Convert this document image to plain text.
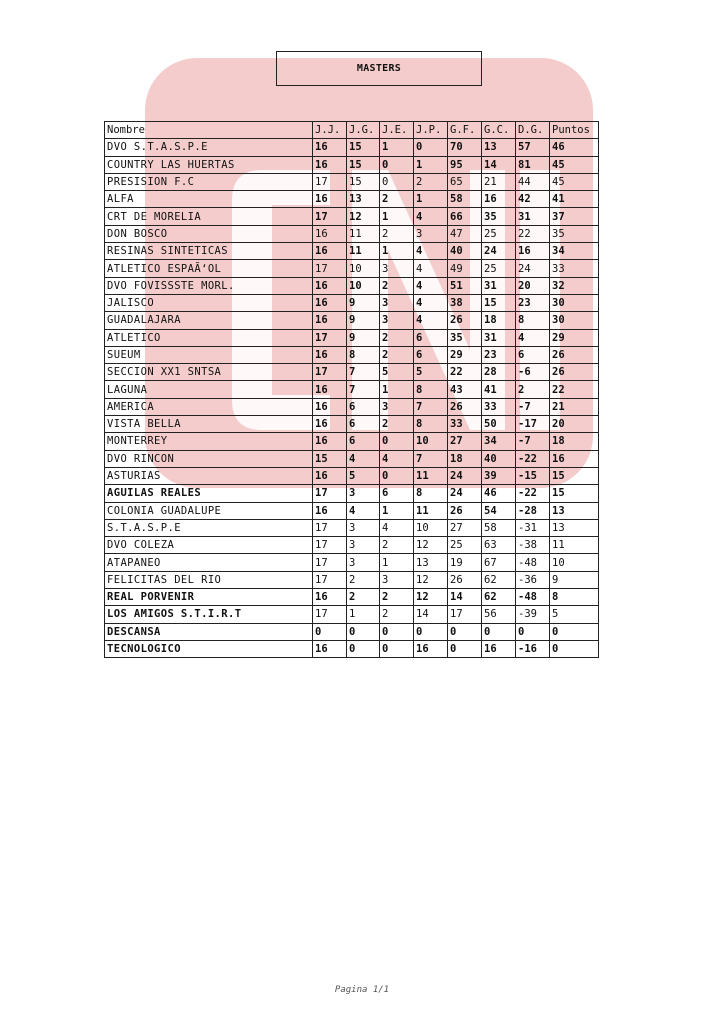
MASTERS
Nombre	J.J.	J.G.	J.E.	J.P.	G.F.	G.C.	D.G.	Puntos
DVO S.T.A.S.P.E	16	15	1	0	70	13	57	46
COUNTRY LAS HUERTAS	16	15	0	1	95	14	81	45
PRESISION F.C	17	15	0	2	65	21	44	45
ALFA	16	13	2	1	58	16	42	41
CRT DE MORELIA	17	12	1	4	66	35	31	37
DON BOSCO	16	11	2	3	47	25	22	35
RESINAS SINTETICAS	16	11	1	4	40	24	16	34
ATLETICO ESPAÃ‘OL	17	10	3	4	49	25	24	33
DVO FOVISSSTE MORL.	16	10	2	4	51	31	20	32
JALISCO	16	9	3	4	38	15	23	30
GUADALAJARA	16	9	3	4	26	18	8	30
ATLETICO	17	9	2	6	35	31	4	29
SUEUM	16	8	2	6	29	23	6	26
SECCION XX1 SNTSA	17	7	5	5	22	28	-6	26
LAGUNA	16	7	1	8	43	41	2	22
AMERICA	16	6	3	7	26	33	-7	21
VISTA BELLA	16	6	2	8	33	50	-17	20
MONTERREY	16	6	0	10	27	34	-7	18
DVO RINCON	15	4	4	7	18	40	-22	16
ASTURIAS	16	5	0	11	24	39	-15	15
AGUILAS REALES	17	3	6	8	24	46	-22	15
COLONIA GUADALUPE	16	4	1	11	26	54	-28	13
S.T.A.S.P.E	17	3	4	10	27	58	-31	13
DVO COLEZA	17	3	2	12	25	63	-38	11
ATAPANEO	17	3	1	13	19	67	-48	10
FELICITAS DEL RIO	17	2	3	12	26	62	-36	9
REAL PORVENIR	16	2	2	12	14	62	-48	8
LOS AMIGOS S.T.I.R.T	17	1	2	14	17	56	-39	5
DESCANSA	0	0	0	0	0	0	0	0
TECNOLOGICO	16	0	0	16	0	16	-16	0
Pagina 1/1
